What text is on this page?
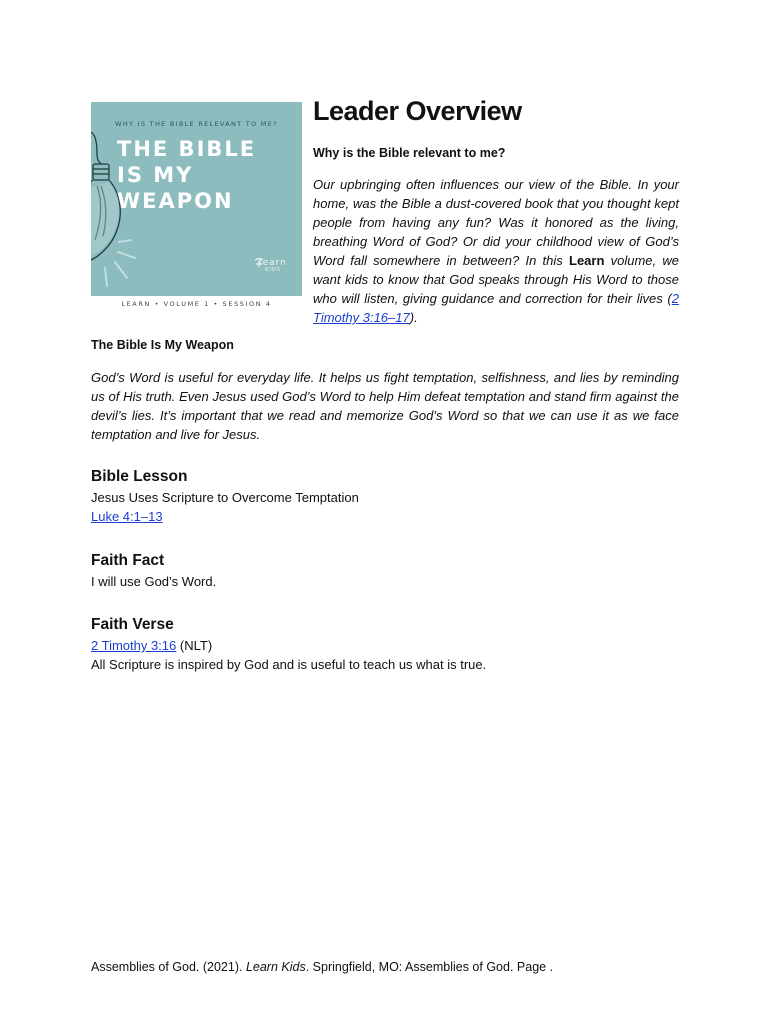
WHY IS THE BIBLE RELEVANT TO ME?
THE BIBLE
IS MY
WEAPON
learn
KIDS
LEARN • VOLUME 1 • SESSION 4
Leader Overview
Why is the Bible relevant to me?

Our upbringing often influences our view of the Bible. In your home, was the Bible a dust-covered book that you thought kept people from having any fun? Was it honored as the living, breathing Word of God? Or did your childhood view of God’s Word fall somewhere in between? In this Learn volume, we want kids to know that God speaks through His Word to those who will listen, giving guidance and correction for their lives (2 Timothy 3:16–17).

The Bible Is My Weapon

God’s Word is useful for everyday life. It helps us fight temptation, selfishness, and lies by reminding us of His truth. Even Jesus used God’s Word to help Him defeat temptation and stand firm against the devil’s lies. It’s important that we read and memorize God’s Word so that we can use it as we face temptation and live for Jesus.

Bible Lesson
Jesus Uses Scripture to Overcome Temptation
Luke 4:1–13
Faith Fact
I will use God’s Word.
Faith Verse
2 Timothy 3:16 (NLT)
All Scripture is inspired by God and is useful to teach us what is true.
Assemblies of God. (2021). Learn Kids. Springfield, MO: Assemblies of God. Page .
